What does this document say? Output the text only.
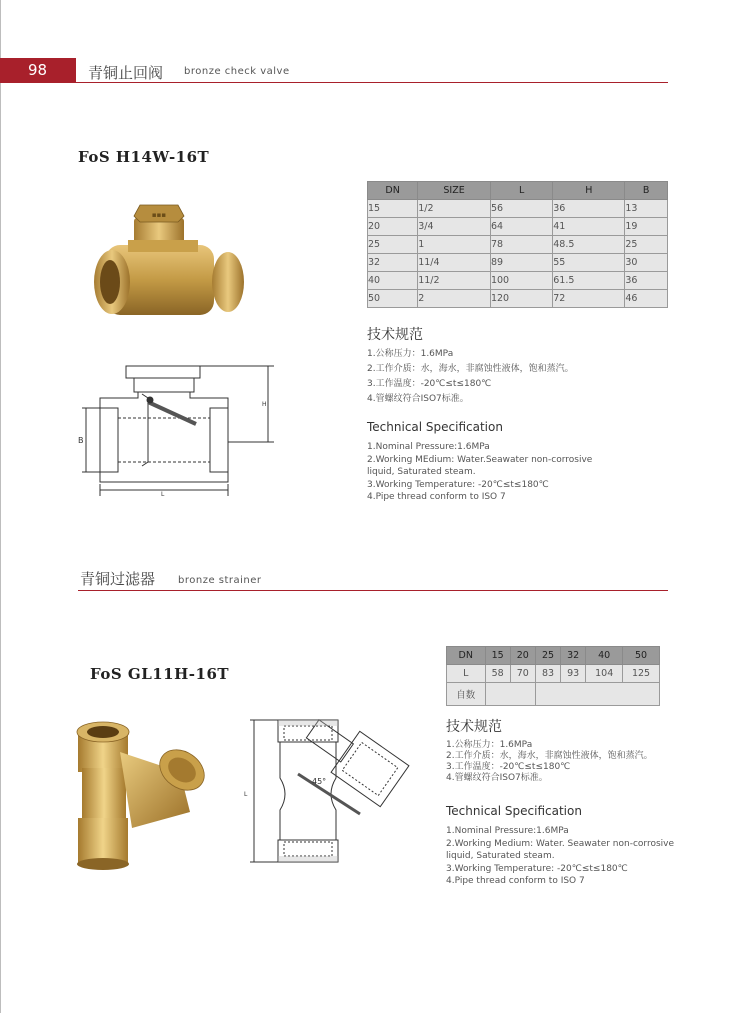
98	青铜止回阀 bronze check valve
FoS H14W-16T
DN	SIZE	L	H	B
15	1/2	56	36	13
20	3/4	64	41	19
25	1	78	48.5	25
32	11/4	89	55	30
40	11/2	100	61.5	36
50	2	120	72	46
技术规范
1.公称压力：1.6MPa
2.工作介质：水，海水，非腐蚀性液体，饱和蒸汽。
3.工作温度：-20℃≤t≤180℃
4.管螺纹符合ISO7标准。
Technical Specification
1.Nominal Pressure:1.6MPa
2.Working MEdium: Water.Seawater non-corrosive
liquid, Saturated steam.
3.Working Temperature: -20℃≤t≤180℃
4.Pipe thread conform to ISO 7
▪▪▪
B
H
L
青铜过滤器 bronze strainer
FoS GL11H-16T
DN	15	20	25	32	40	50
L	58	70	83	93	104	125
自数						
技术规范
1.公称压力：1.6MPa
2.工作介质：水，海水，非腐蚀性液体，饱和蒸汽。
3.工作温度：-20℃≤t≤180℃
4.管螺纹符合ISO7标准。
Technical Specification
1.Nominal Pressure:1.6MPa
2.Working Medium: Water. Seawater non-corrosive
liquid, Saturated steam.
3.Working Temperature: -20℃≤t≤180℃
4.Pipe thread conform to ISO 7
45°
L
